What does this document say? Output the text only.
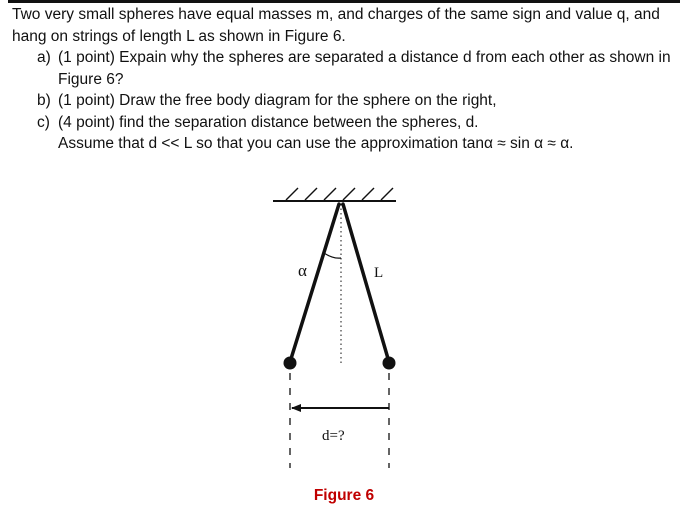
Two very small spheres have equal masses m, and charges of the same sign and value q, and hang on strings of length L as shown in Figure 6.

a) (1 point) Expain why the spheres are separated a distance d from each other as shown in Figure 6?

b) (1 point) Draw the free body diagram for the sphere on the right,

c) (4 point) find the separation distance between the spheres, d.

Assume that d << L so that you can use the approximation tanα ≈ sin α ≈ α.

α	L
d=?
Figure 6
